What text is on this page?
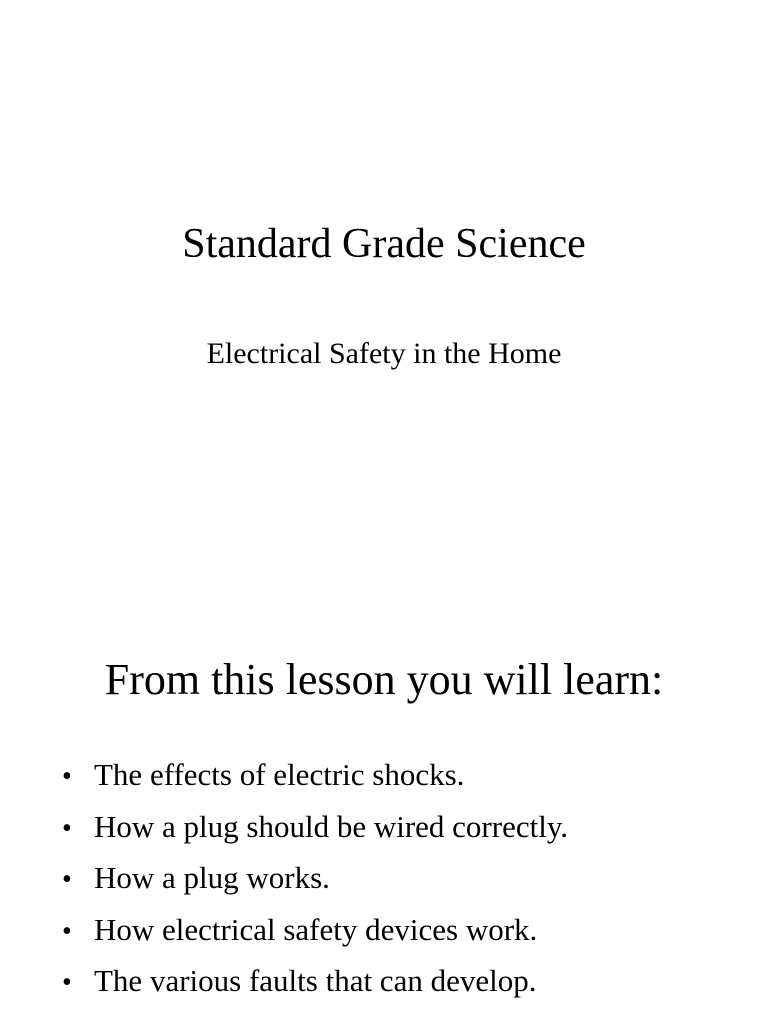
Standard Grade Science
Electrical Safety in the Home
From this lesson you will learn:
• The effects of electric shocks.
• How a plug should be wired correctly.
• How a plug works.
• How electrical safety devices work.
• The various faults that can develop.
